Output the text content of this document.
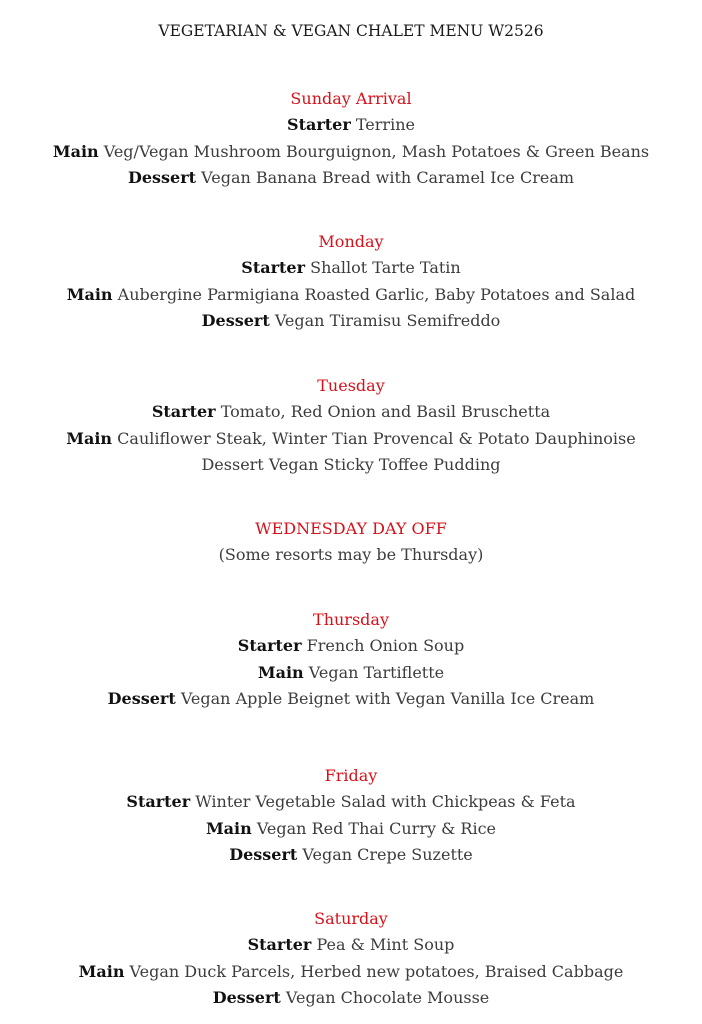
VEGETARIAN & VEGAN CHALET MENU W2526
Sunday Arrival
Starter Terrine
Main Veg/Vegan Mushroom Bourguignon, Mash Potatoes & Green Beans
Dessert Vegan Banana Bread with Caramel Ice Cream
Monday
Starter Shallot Tarte Tatin
Main Aubergine Parmigiana Roasted Garlic, Baby Potatoes and Salad
Dessert Vegan Tiramisu Semifreddo
Tuesday
Starter Tomato, Red Onion and Basil Bruschetta
Main Cauliflower Steak, Winter Tian Provencal & Potato Dauphinoise
Dessert Vegan Sticky Toffee Pudding
WEDNESDAY DAY OFF
(Some resorts may be Thursday)
Thursday
Starter French Onion Soup
Main Vegan Tartiflette
Dessert Vegan Apple Beignet with Vegan Vanilla Ice Cream
Friday
Starter Winter Vegetable Salad with Chickpeas & Feta
Main Vegan Red Thai Curry & Rice
Dessert Vegan Crepe Suzette
Saturday
Starter Pea & Mint Soup
Main Vegan Duck Parcels, Herbed new potatoes, Braised Cabbage
Dessert Vegan Chocolate Mousse
